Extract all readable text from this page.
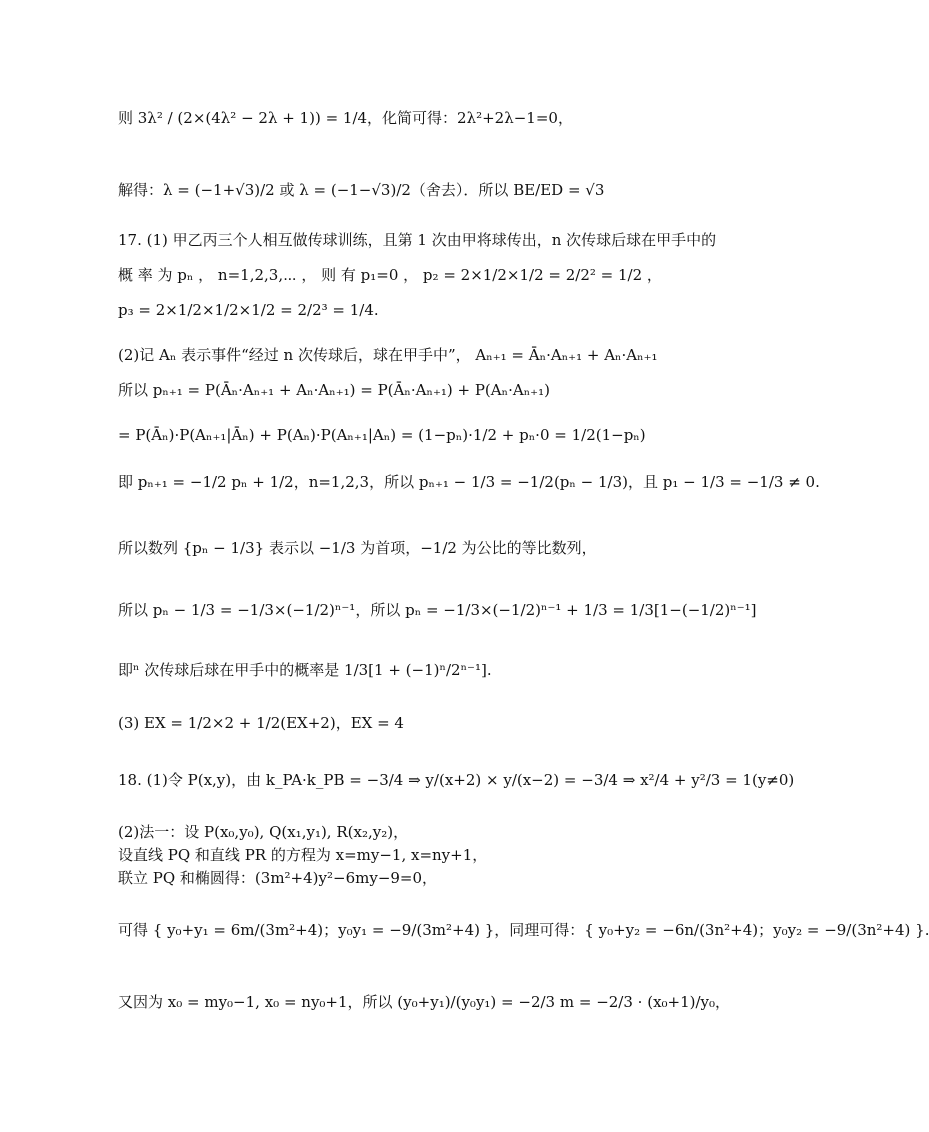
则 3λ² / (2×(4λ² − 2λ + 1)) = 1/4，化简可得：2λ²+2λ−1=0，
解得：λ = (−1+√3)/2 或 λ = (−1−√3)/2（舍去）．所以 BE/ED = √3
17. (1) 甲乙丙三个人相互做传球训练，且第 1 次由甲将球传出，n 次传球后球在甲手中的
概 率 为 pₙ ， n=1,2,3,⋯ ， 则 有 p₁=0 ， p₂ = 2×1/2×1/2 = 2/2² = 1/2 ，
p₃ = 2×1/2×1/2×1/2 = 2/2³ = 1/4.
(2)记 Aₙ 表示事件“经过 n 次传球后，球在甲手中”， Aₙ₊₁ = Āₙ·Aₙ₊₁ + Aₙ·Aₙ₊₁
所以 pₙ₊₁ = P(Āₙ·Aₙ₊₁ + Aₙ·Aₙ₊₁) = P(Āₙ·Aₙ₊₁) + P(Aₙ·Aₙ₊₁)
= P(Āₙ)·P(Aₙ₊₁|Āₙ) + P(Aₙ)·P(Aₙ₊₁|Aₙ) = (1−pₙ)·1/2 + pₙ·0 = 1/2(1−pₙ)
即 pₙ₊₁ = −1/2 pₙ + 1/2，n=1,2,3，所以 pₙ₊₁ − 1/3 = −1/2(pₙ − 1/3)，且 p₁ − 1/3 = −1/3 ≠ 0.
所以数列 {pₙ − 1/3} 表示以 −1/3 为首项，−1/2 为公比的等比数列，
所以 pₙ − 1/3 = −1/3×(−1/2)ⁿ⁻¹，所以 pₙ = −1/3×(−1/2)ⁿ⁻¹ + 1/3 = 1/3[1−(−1/2)ⁿ⁻¹]
即ⁿ 次传球后球在甲手中的概率是 1/3[1 + (−1)ⁿ/2ⁿ⁻¹].
(3) EX = 1/2×2 + 1/2(EX+2)，EX = 4
18. (1)令 P(x,y)，由 k_PA·k_PB = −3/4 ⇒ y/(x+2) × y/(x−2) = −3/4 ⇒ x²/4 + y²/3 = 1(y≠0)
(2)法一：设 P(x₀,y₀), Q(x₁,y₁), R(x₂,y₂)，
设直线 PQ 和直线 PR 的方程为 x=my−1, x=ny+1，
联立 PQ 和椭圆得：(3m²+4)y²−6my−9=0，
可得 { y₀+y₁ = 6m/(3m²+4)；y₀y₁ = −9/(3m²+4) }，同理可得：{ y₀+y₂ = −6n/(3n²+4)；y₀y₂ = −9/(3n²+4) }.
又因为 x₀ = my₀−1, x₀ = ny₀+1，所以 (y₀+y₁)/(y₀y₁) = −2/3 m = −2/3 · (x₀+1)/y₀，
